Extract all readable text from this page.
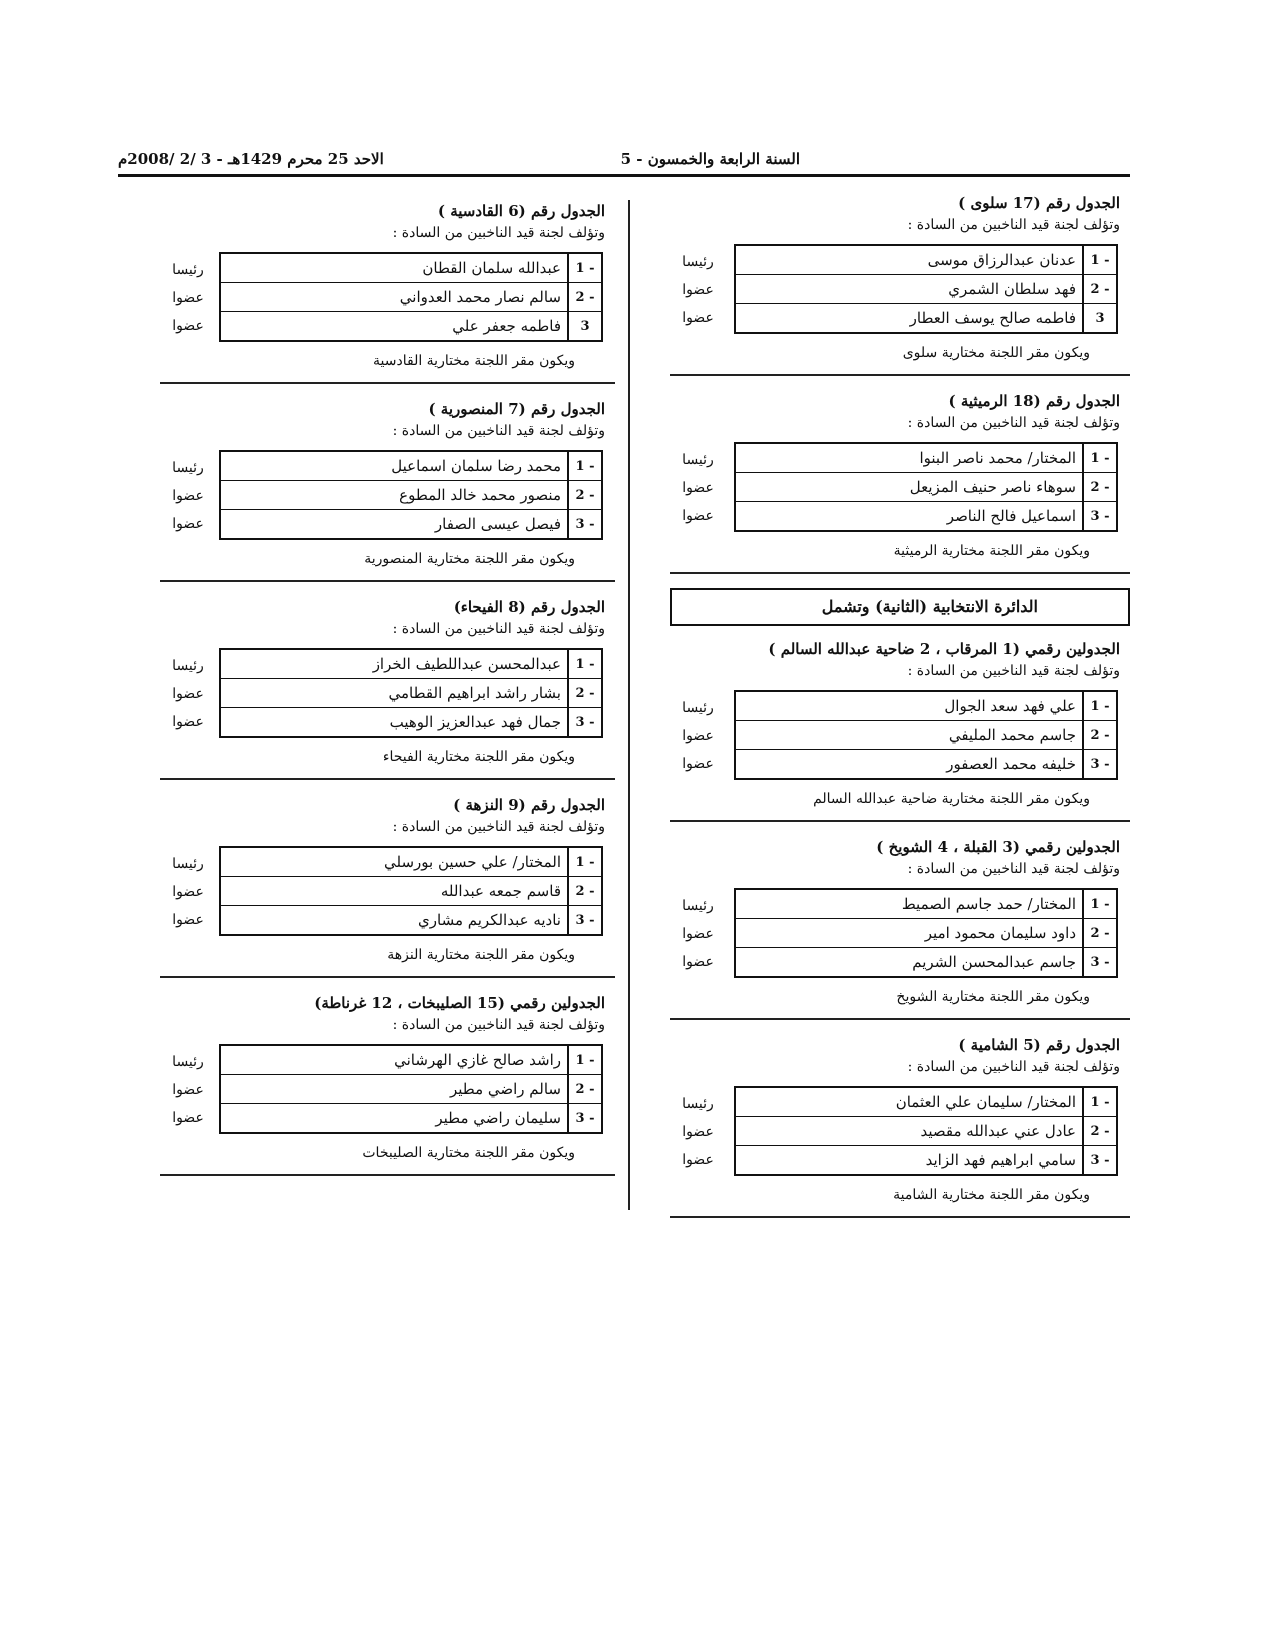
الاحد 25 محرم 1429هـ - 3 /2 /2008م	السنة الرابعة والخمسون - 5
الجدول رقم (17 سلوى )
وتؤلف لجنة قيد الناخبين من السادة :
1 -
عدنان عبدالرزاق موسى
2 -
فهد سلطان الشمري
3
فاطمه صالح يوسف العطار
رئيسا
عضوا
عضوا
ويكون مقر اللجنة مختارية سلوى
الجدول رقم (18 الرميثية )
وتؤلف لجنة قيد الناخبين من السادة :
1 -
المختار/ محمد ناصر البنوا
2 -
سوهاء ناصر حنيف المزيعل
3 -
اسماعيل فالح الناصر
رئيسا
عضوا
عضوا
ويكون مقر اللجنة مختارية الرميثية
الدائرة الانتخابية (الثانية) وتشمل
الجدولين رقمي (1 المرقاب ، 2 ضاحية عبدالله السالم )
وتؤلف لجنة قيد الناخبين من السادة :
1 -
علي فهد سعد الجوال
2 -
جاسم محمد المليفي
3 -
خليفه محمد العصفور
رئيسا
عضوا
عضوا
ويكون مقر اللجنة مختارية ضاحية عبدالله السالم
الجدولين رقمي (3 القبلة ، 4 الشويخ )
وتؤلف لجنة قيد الناخبين من السادة :
1 -
المختار/ حمد جاسم الصميط
2 -
داود سليمان محمود امير
3 -
جاسم عبدالمحسن الشريم
رئيسا
عضوا
عضوا
ويكون مقر اللجنة مختارية الشويخ
الجدول رقم (5 الشامية )
وتؤلف لجنة قيد الناخبين من السادة :
1 -
المختار/ سليمان علي العثمان
2 -
عادل عني عبدالله مقصيد
3 -
سامي ابراهيم فهد الزايد
رئيسا
عضوا
عضوا
ويكون مقر اللجنة مختارية الشامية
الجدول رقم (6 القادسية )
وتؤلف لجنة قيد الناخبين من السادة :
1 -
عبدالله سلمان القطان
2 -
سالم نصار محمد العدواني
3
فاطمه جعفر علي
رئيسا
عضوا
عضوا
ويكون مقر اللجنة مختارية القادسية
الجدول رقم (7 المنصورية )
وتؤلف لجنة قيد الناخبين من السادة :
1 -
محمد رضا سلمان اسماعيل
2 -
منصور محمد خالد المطوع
3 -
فيصل عيسى الصفار
رئيسا
عضوا
عضوا
ويكون مقر اللجنة مختارية المنصورية
الجدول رقم (8 الفيحاء)
وتؤلف لجنة قيد الناخبين من السادة :
1 -
عبدالمحسن عبداللطيف الخراز
2 -
بشار راشد ابراهيم القطامي
3 -
جمال فهد عبدالعزيز الوهيب
رئيسا
عضوا
عضوا
ويكون مقر اللجنة مختارية الفيحاء
الجدول رقم (9 النزهة )
وتؤلف لجنة قيد الناخبين من السادة :
1 -
المختار/ علي حسين بورسلي
2 -
قاسم جمعه عبدالله
3 -
ناديه عبدالكريم مشاري
رئيسا
عضوا
عضوا
ويكون مقر اللجنة مختارية النزهة
الجدولين رقمي (15 الصليبخات ، 12 غرناطة)
وتؤلف لجنة قيد الناخبين من السادة :
1 -
راشد صالح غازي الهرشاني
2 -
سالم راضي مطير
3 -
سليمان راضي مطير
رئيسا
عضوا
عضوا
ويكون مقر اللجنة مختارية الصليبخات
